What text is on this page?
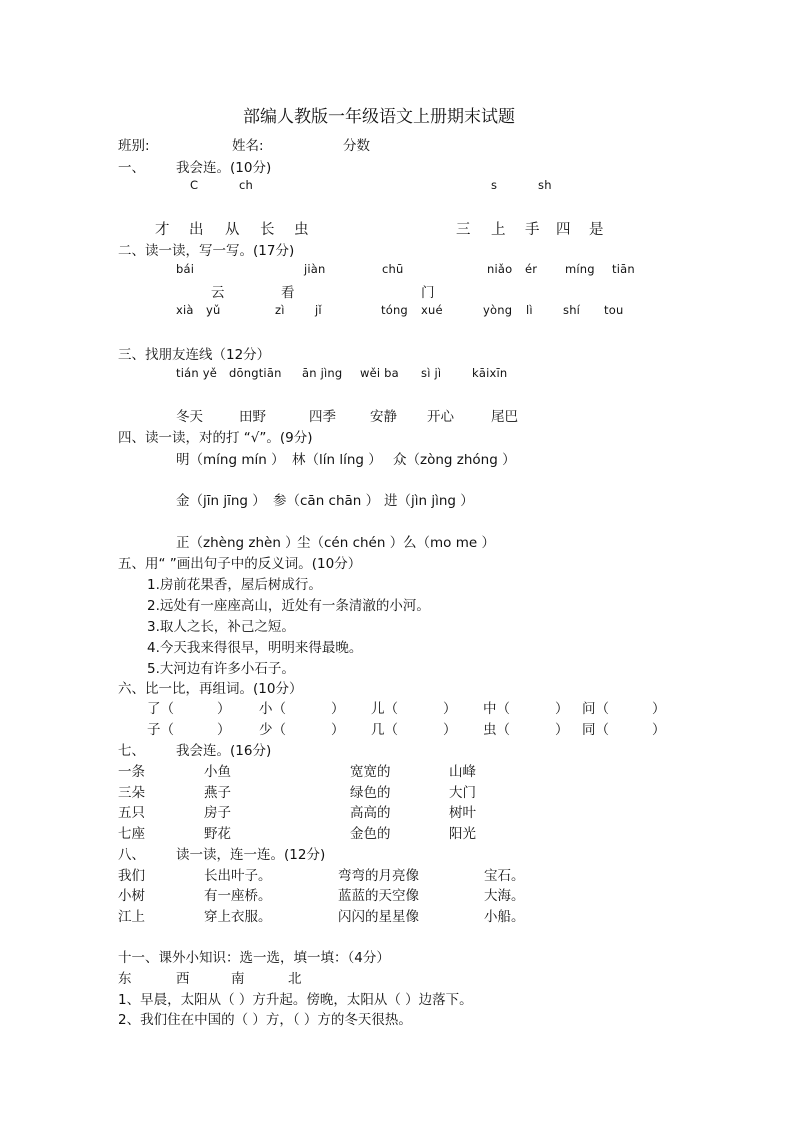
部编人教版一年级语文上册期末试题
班别:	姓名:	分数
一、 我会连。(10分)
C	ch	s	sh
才 出 从 长 虫	三 上 手 四 是
二、读一读，写一写。(17分)
bái	jiàn	chū	niǎo ér míng tiān
云	看	门
xià yǔ	zì	jǐ	tóng xué	yòng lì	shí tou
三、找朋友连线（12分）
tián yě dōngtiān ān jìng wěi ba sì jì	kāixīn
冬天	田野	四季	安静 开心	尾巴
四、读一读，对的打 “√”。(9分)
明（míng mín ） 林（lín líng ） 众（zòng zhóng ）
金（jīn jīng ） 参（cān chān ） 进（jìn jìng ）
正（zhèng zhèn ）
尘（cén chén ） 么（mo me ）
五、用“ ”画出句子中的反义词。(10分）
1.房前花果香，屋后树成行。
2.远处有一座座高山，近处有一条清澈的小河。
3.取人之长，补己之短。
4.今天我来得很早，明明来得最晚。
5.大河边有许多小石子。
六、比一比，再组词。(10分）
了（	） 小（	） 儿（	） 中（	） 问（	）
子（	） 少（	） 几（	） 虫（	） 同（	）
七、 我会连。(16分)
一条	小鱼	宽宽的	山峰
三朵	燕子	绿色的	大门
五只	房子	高高的	树叶
七座	野花	金色的	阳光
八、 读一读，连一连。(12分)
我们	长出叶子。	弯弯的月亮像	宝石。
小树	有一座桥。	蓝蓝的天空像	大海。
江上	穿上衣服。	闪闪的星星像	小船。
十一、课外小知识：选一选，填一填：（4分）
东	西	南	北
1、早晨，太阳从（ ）方升起。傍晚，太阳从（ ）边落下。
2、我们住在中国的（ ）方，（ ）方的冬天很热。
